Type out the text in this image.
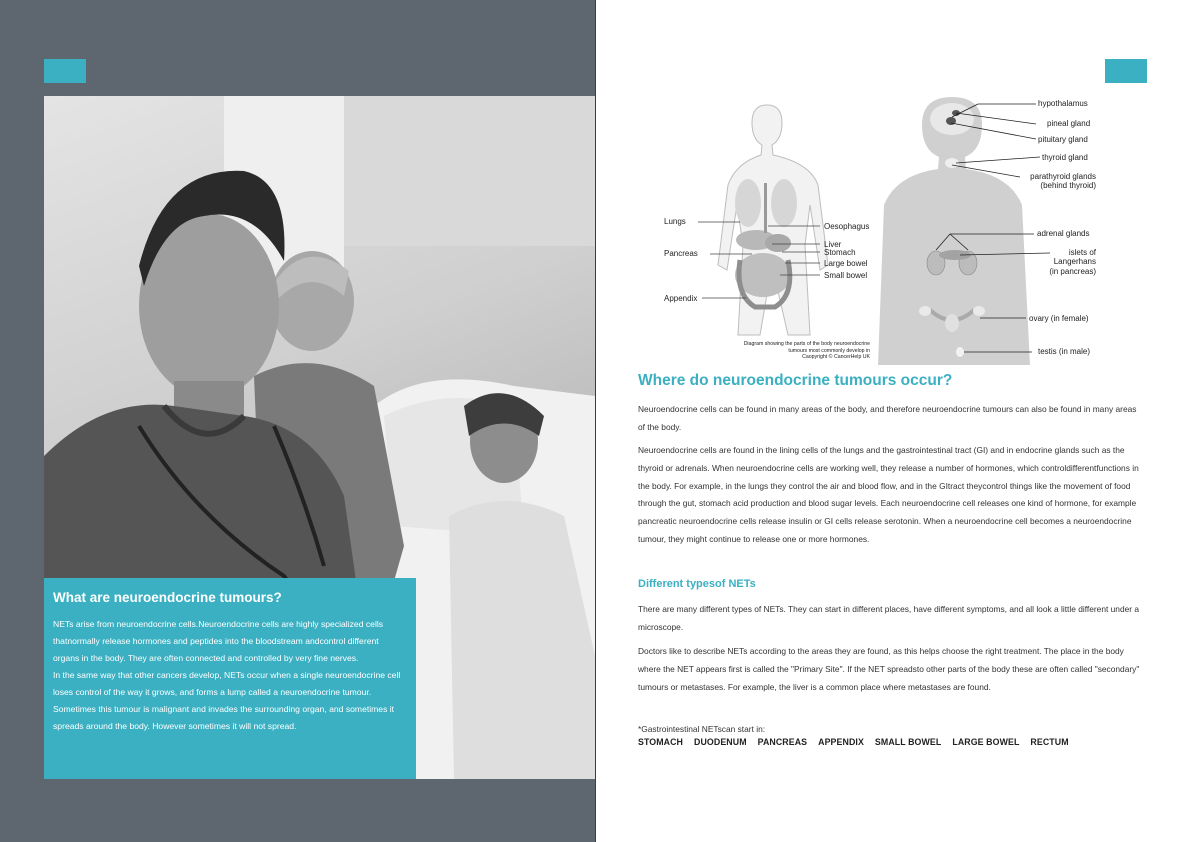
What are neuroendocrine tumours?

NETs arise from neuroendocrine cells.Neuroendocrine cells are highly specialized cells thatnormally release hormones and peptides into the bloodstream andcontrol different organs in the body. They are often connected and controlled by very fine nerves.

In the same way that other cancers develop, NETs occur when a single neuroendocrine cell loses control of the way it grows, and forms a lump called a neuroendocrine tumour. Sometimes this tumour is malignant and invades the surrounding organ, and sometimes it spreads around the body. However sometimes it will not spread.

Lungs
Pancreas
Appendix
Oesophagus
Liver
Stomach
Large bowel
Small bowel
hypothalamus
pineal gland
pituitary gland
thyroid gland
parathyroid glands
(behind thyroid)
adrenal glands
islets of
Langerhans
(in pancreas)
ovary (in female)
testis (in male)
Diagram showing the parts of the body neuroendocrine
tumours most commonly develop in
Caopyright © CancerHelp UK
Where do neuroendocrine tumours occur?

Neuroendocrine cells can be found in many areas of the body, and therefore neuroendocrine tumours can also be found in many areas of the body.

Neuroendocrine cells are found in the lining cells of the lungs and the gastrointestinal tract (GI) and in endocrine glands such as the thyroid or adrenals. When neuroendocrine cells are working well, they release a number of hormones, which controldifferentfunctions in the body. For example, in the lungs they control the air and blood flow, and in the GItract theycontrol things like the movement of food through the gut, stomach acid production and blood sugar levels. Each neuroendocrine cell releases one kind of hormone, for example pancreatic neuroendocrine cells release insulin or GI cells release serotonin. When a neuroendocrine cell becomes a neuroendocrine tumour, they might continue to release one or more hormones.

Different typesof NETs

There are many different types of NETs. They can start in different places, have different symptoms, and all look a little different under a microscope.

Doctors like to describe NETs according to the areas they are found, as this helps choose the right treatment. The place in the body where the NET appears first is called the "Primary Site". If the NET spreadsto other parts of the body these are often called "secondary" tumours or metastases. For example, the liver is a common place where metastases are found.

*Gastrointestinal NETscan start in:
STOMACH DUODENUM PANCREAS APPENDIX SMALL BOWEL LARGE BOWEL RECTUM
